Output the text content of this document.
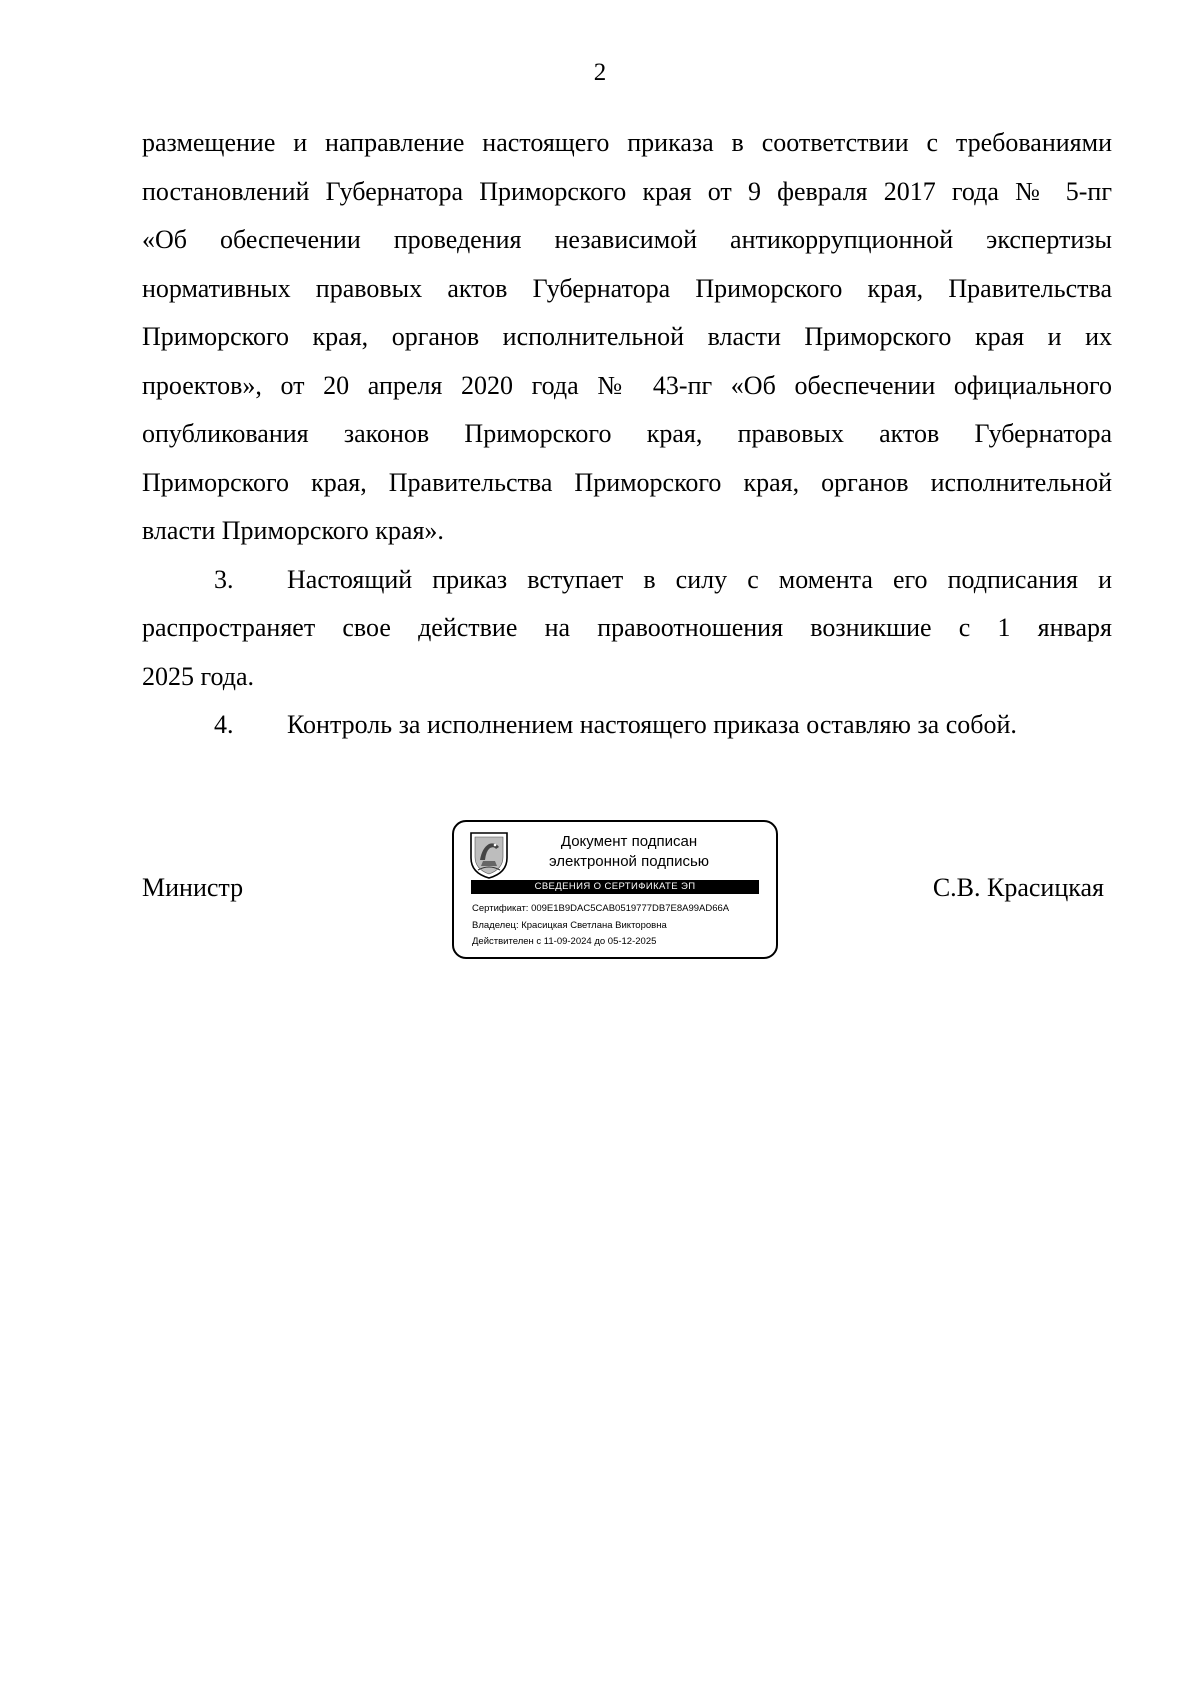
2
размещение и направление настоящего приказа в соответствии с требованиями
постановлений Губернатора Приморского края от 9 февраля 2017 года № 5-пг
«Об обеспечении проведения независимой антикоррупционной экспертизы
нормативных правовых актов Губернатора Приморского края, Правительства
Приморского края, органов исполнительной власти Приморского края и их
проектов», от 20 апреля 2020 года № 43-пг «Об обеспечении официального
опубликования законов Приморского края, правовых актов Губернатора
Приморского края, Правительства Приморского края, органов исполнительной
власти Приморского края».
3.	Настоящий приказ вступает в силу с момента его подписания и
распространяет свое действие на правоотношения возникшие с 1 января
2025 года.
4.	Контроль за исполнением настоящего приказа оставляю за собой.
Министр	С.В. Красицкая
Документ подписан
электронной подписью
СВЕДЕНИЯ О СЕРТИФИКАТЕ ЭП
Сертификат: 009E1B9DAC5CAB0519777DB7E8A99AD66A
Владелец: Красицкая Светлана Викторовна
Действителен с 11-09-2024 до 05-12-2025
